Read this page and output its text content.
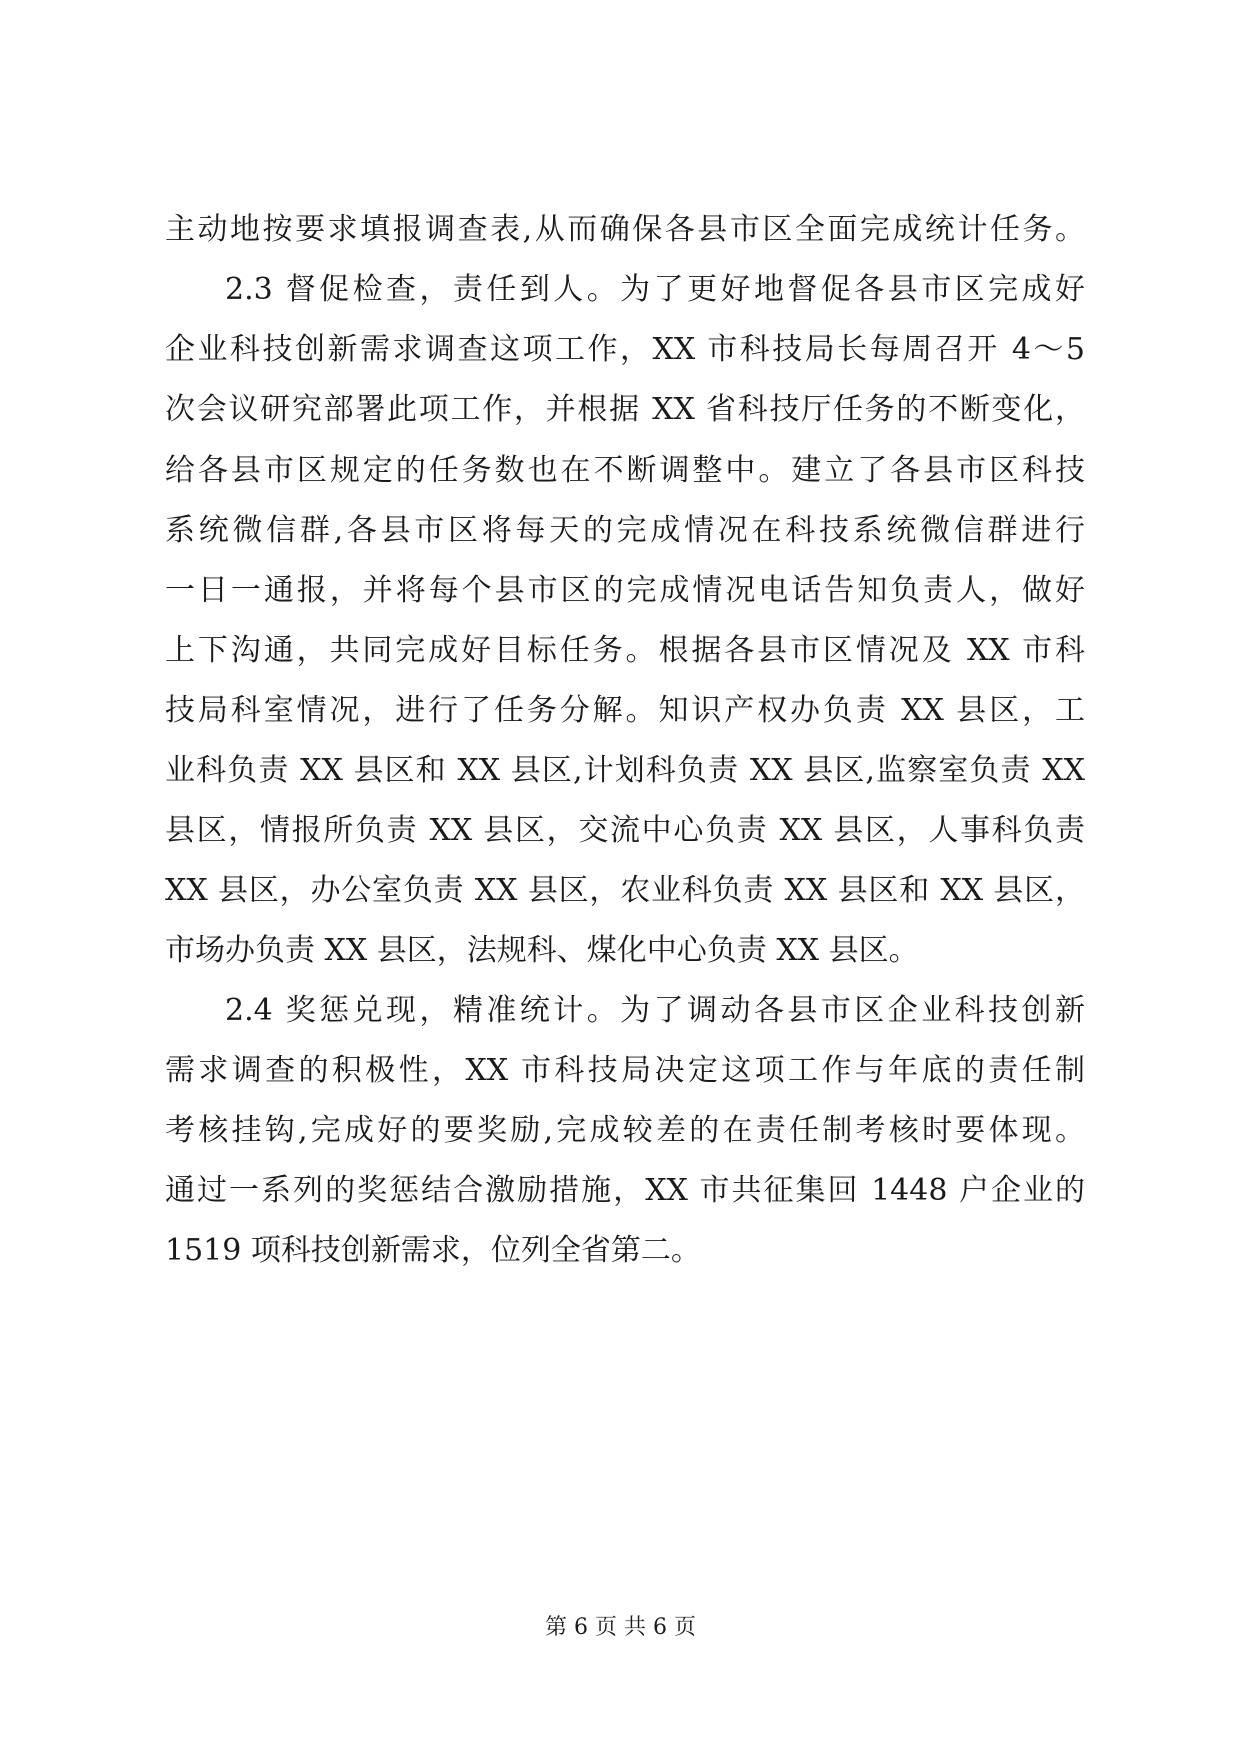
主动地按要求填报调查表,从而确保各县市区全面完成统计任务。
2.3 督促检查，责任到人。为了更好地督促各县市区完成好
企业科技创新需求调查这项工作，XX 市科技局长每周召开 4～5
次会议研究部署此项工作，并根据 XX 省科技厅任务的不断变化，
给各县市区规定的任务数也在不断调整中。建立了各县市区科技
系统微信群,各县市区将每天的完成情况在科技系统微信群进行
一日一通报，并将每个县市区的完成情况电话告知负责人，做好
上下沟通，共同完成好目标任务。根据各县市区情况及 XX 市科
技局科室情况，进行了任务分解。知识产权办负责 XX 县区，工
业科负责 XX 县区和 XX 县区,计划科负责 XX 县区,监察室负责 XX
县区，情报所负责 XX 县区，交流中心负责 XX 县区，人事科负责
XX 县区，办公室负责 XX 县区，农业科负责 XX 县区和 XX 县区，
市场办负责 XX 县区，法规科、煤化中心负责 XX 县区。
2.4 奖惩兑现，精准统计。为了调动各县市区企业科技创新
需求调查的积极性，XX 市科技局决定这项工作与年底的责任制
考核挂钩,完成好的要奖励,完成较差的在责任制考核时要体现。
通过一系列的奖惩结合激励措施，XX 市共征集回 1448 户企业的
1519 项科技创新需求，位列全省第二。
第 6 页 共 6 页
